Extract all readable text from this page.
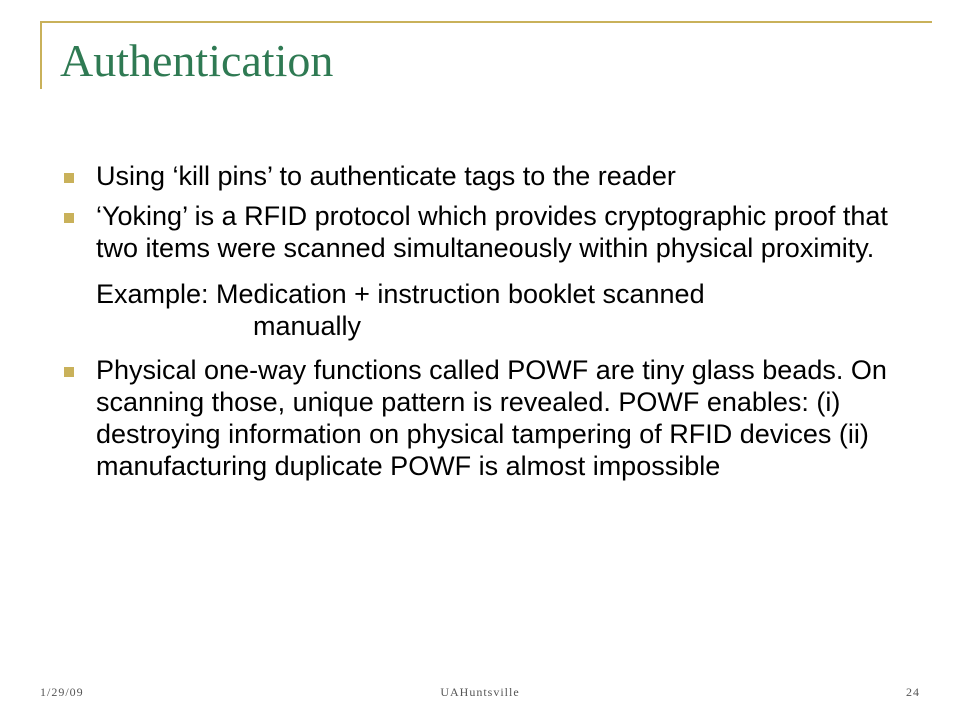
Authentication
Using ‘kill pins’ to authenticate tags to the reader
‘Yoking’ is a RFID protocol which provides cryptographic proof that two items were scanned simultaneously within physical proximity.
Example: Medication + instruction booklet scanned
manually
Physical one-way functions called POWF are tiny glass beads. On scanning those, unique pattern is revealed. POWF enables: (i) destroying information on physical tampering of RFID devices (ii) manufacturing duplicate POWF is almost impossible
1/29/09	UAHuntsville	24
